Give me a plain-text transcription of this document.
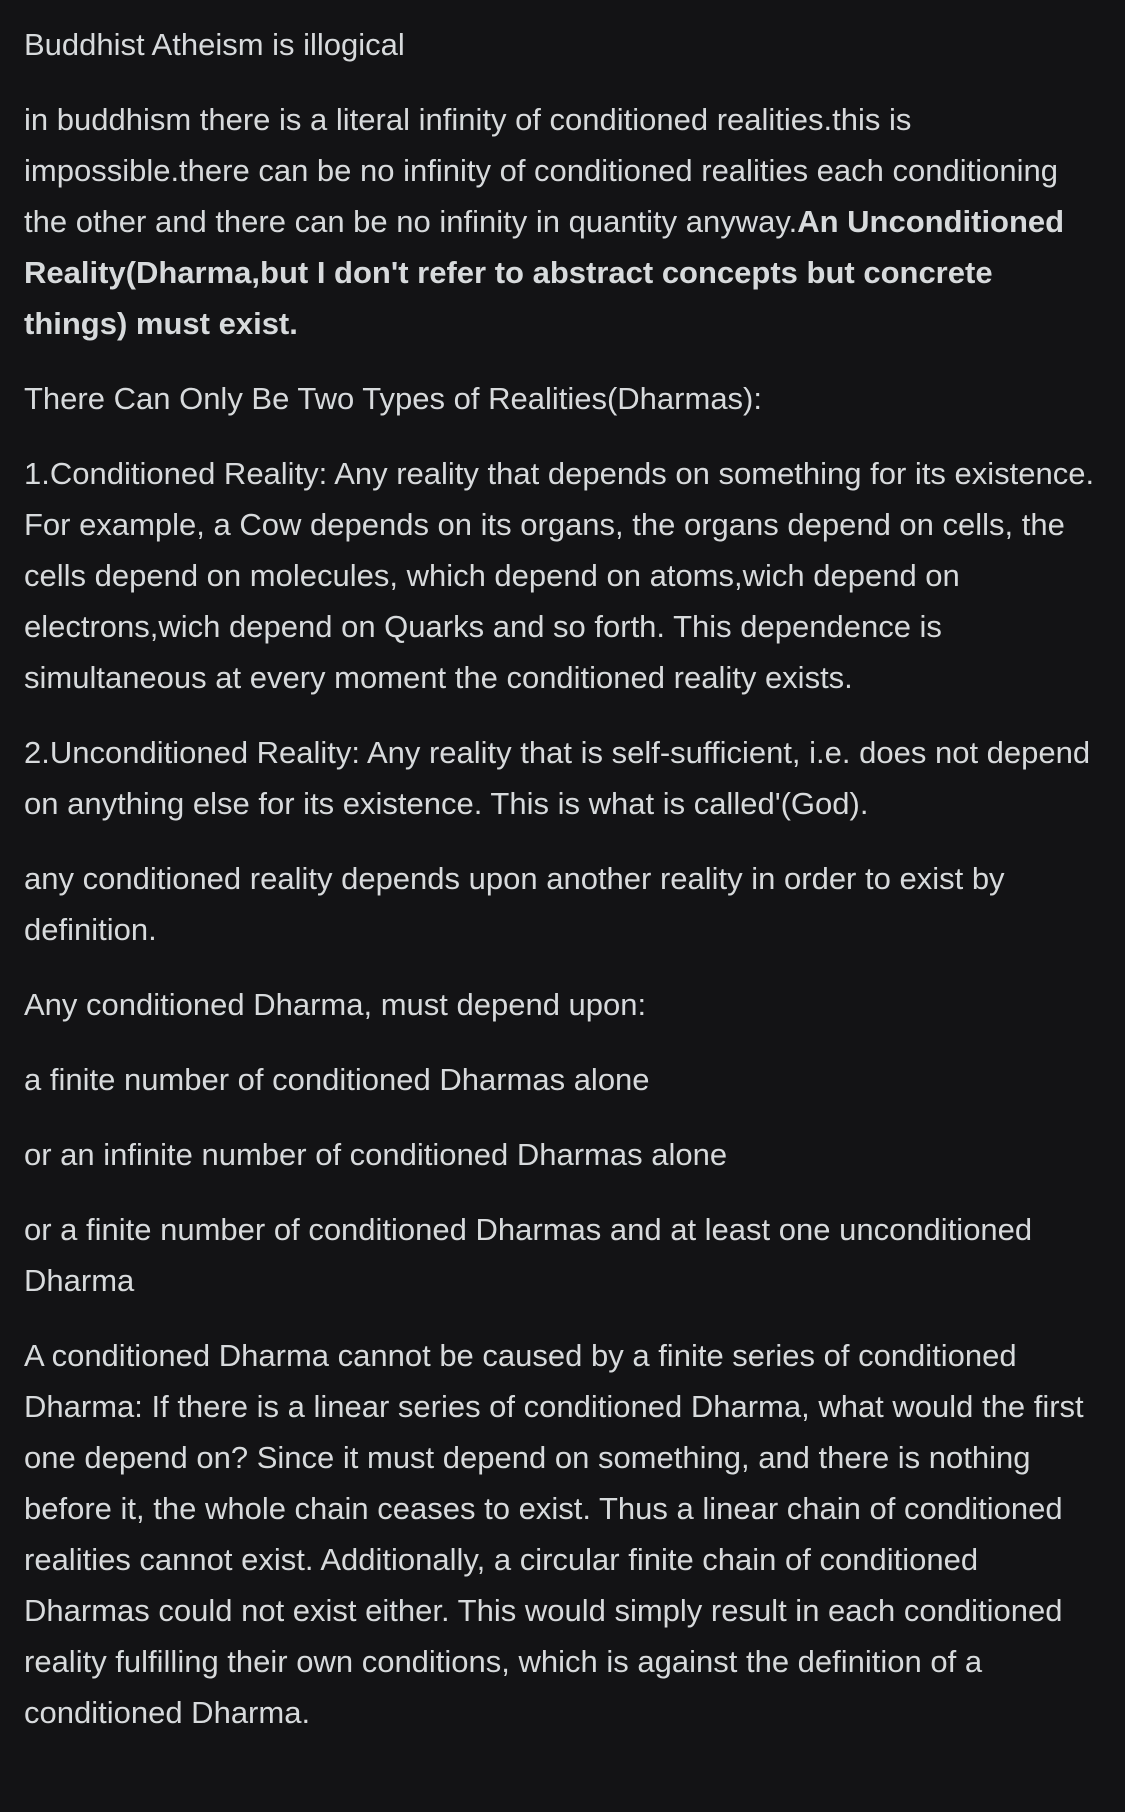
Buddhist Atheism is illogical

in buddhism there is a literal infinity of conditioned realities.this is impossible.there can be no infinity of conditioned realities each conditioning the other and there can be no infinity in quantity anyway.An Unconditioned Reality(Dharma,but I don't refer to abstract concepts but concrete things) must exist.

There Can Only Be Two Types of Realities(Dharmas):

1.Conditioned Reality: Any reality that depends on something for its existence. For example, a Cow depends on its organs, the organs depend on cells, the cells depend on molecules, which depend on atoms,wich depend on electrons,wich depend on Quarks and so forth. This dependence is simultaneous at every moment the conditioned reality exists.

2.Unconditioned Reality: Any reality that is self-sufficient, i.e. does not depend on anything else for its existence. This is what is called'(God).

any conditioned reality depends upon another reality in order to exist by definition.

Any conditioned Dharma, must depend upon:

a finite number of conditioned Dharmas alone

or an infinite number of conditioned Dharmas alone

or a finite number of conditioned Dharmas and at least one unconditioned Dharma

A conditioned Dharma cannot be caused by a finite series of conditioned Dharma: If there is a linear series of conditioned Dharma, what would the first one depend on? Since it must depend on something, and there is nothing before it, the whole chain ceases to exist. Thus a linear chain of conditioned realities cannot exist. Additionally, a circular finite chain of conditioned Dharmas could not exist either. This would simply result in each conditioned reality fulfilling their own conditions, which is against the definition of a conditioned Dharma.
